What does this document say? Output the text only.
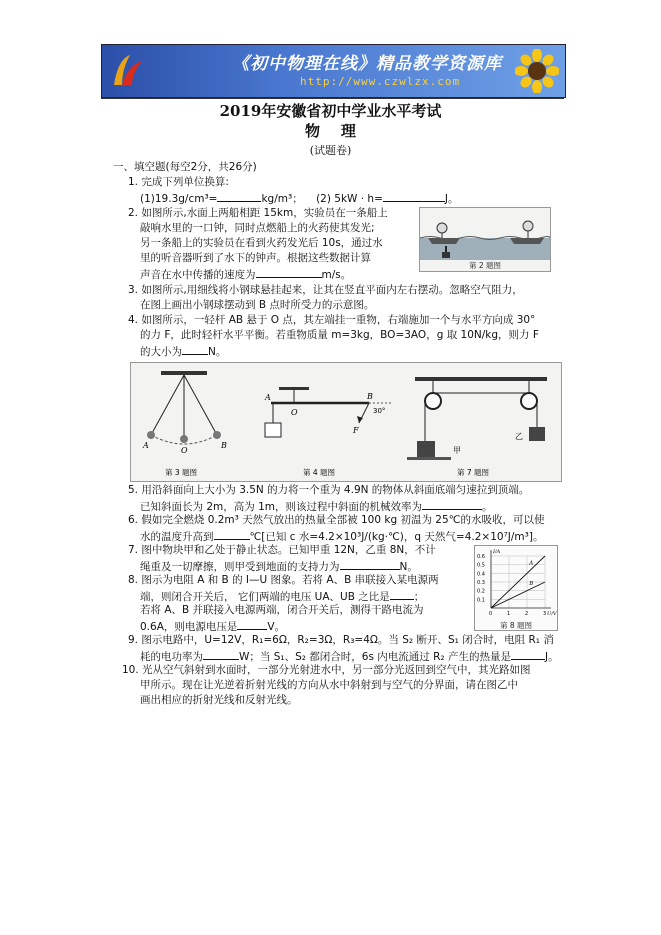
《初中物理在线》精品教学资源库
http://www.czwlzx.com
2019年安徽省初中学业水平考试
物    理
(试题卷)
一、填空题(每空2分，共26分)
1. 完成下列单位换算:
(1)19.3g/cm³=	kg/m³； (2) 5kW · h=	J。
2. 如图所示,水面上两船相距 15km，实验员在一条船上
敲响水里的一口钟，同时点燃船上的火药使其发光;
另一条船上的实验员在看到火药发光后 10s，通过水
里的听音器听到了水下的钟声。根据这些数据计算
声音在水中传播的速度为	m/s。
第 2 题图
3. 如图所示,用细线将小钢球悬挂起来，让其在竖直平面内左右摆动。忽略空气阻力，
在图上画出小钢球摆动到 B 点时所受力的示意图。
4. 如图所示，一轻杆 AB 悬于 O 点，其左端挂一重物，右端施加一个与水平方向成 30°
的力 F，此时轻杆水平平衡。若重物质量 m=3kg，BO=3AO，g 取 10N/kg，则力 F
的大小为 N。
A
O
B
第 3 题图
A
O
B
30°
F
第 4 题图
甲
乙
第 7 题图
5. 用沿斜面向上大小为 3.5N 的力将一个重为 4.9N 的物体从斜面底端匀速拉到顶端。
已知斜面长为 2m，高为 1m，则该过程中斜面的机械效率为	。
6. 假如完全燃烧 0.2m³ 天然气放出的热量全部被 100 kg 初温为 25℃的水吸收，可以使
水的温度升高到	℃[已知 c 水=4.2×10³J/(kg·℃)，q 天然气=4.2×10⁷J/m³]。
7. 图中物块甲和乙处于静止状态。已知甲重 12N，乙重 8N，不计
绳重及一切摩擦，则甲受到地面的支持力为	N。
8. 图示为电阻 A 和 B 的 I—U 图象。若将 A、B 串联接入某电源两
端，则闭合开关后， 它们两端的电压 UA、UB 之比是 ；
若将 A、B 并联接入电源两端，闭合开关后，测得干路电流为
0.6A，则电源电压是	V。
0	1	2	3
0.1
0.2
0.3
0.4
0.5
0.6
U/V
I/A
A
B
第 8 题图
9. 图示电路中，U=12V，R₁=6Ω，R₂=3Ω，R₃=4Ω。当 S₂ 断开、S₁ 闭合时，电阻 R₁ 消
耗的电功率为	W；当 S₁、S₂ 都闭合时，6s 内电流通过 R₂ 产生的热量是	J。
10. 光从空气斜射到水面时，一部分光射进水中，另一部分光返回到空气中，其光路如图
甲所示。现在让光逆着折射光线的方向从水中斜射到与空气的分界面，请在图乙中
画出相应的折射光线和反射光线。
